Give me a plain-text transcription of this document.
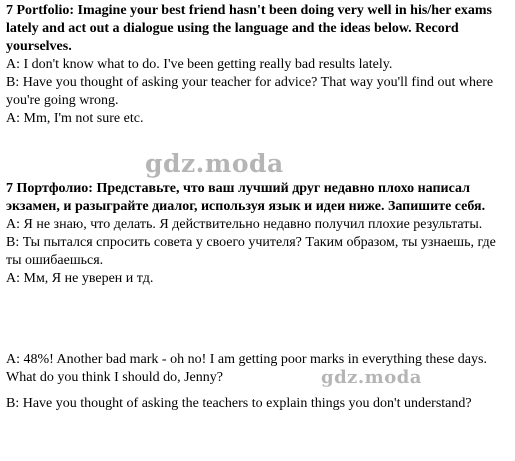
7 Portfolio: Imagine your best friend hasn't been doing very well in his/her exams lately and act out a dialogue using the language and the ideas below. Record yourselves.

A: I don't know what to do. I've been getting really bad results lately.

B: Have you thought of asking your teacher for advice? That way you'll find out where you're going wrong.

A: Mm, I'm not sure etc.

gdz.moda

7 Портфолио: Представьте, что ваш лучший друг недавно плохо написал экзамен, и разыграйте диалог, используя язык и идеи ниже. Запишите себя.

А: Я не знаю, что делать. Я действительно недавно получил плохие результаты.

В: Ты пытался спросить совета у своего учителя? Таким образом, ты узнаешь, где ты ошибаешься.

А: Мм, Я не уверен и тд.

A: 48%! Another bad mark - oh no! I am getting poor marks in everything these days. What do you think I should do, Jenny?

B: Have you thought of asking the teachers to explain things you don't understand?

gdz.moda
